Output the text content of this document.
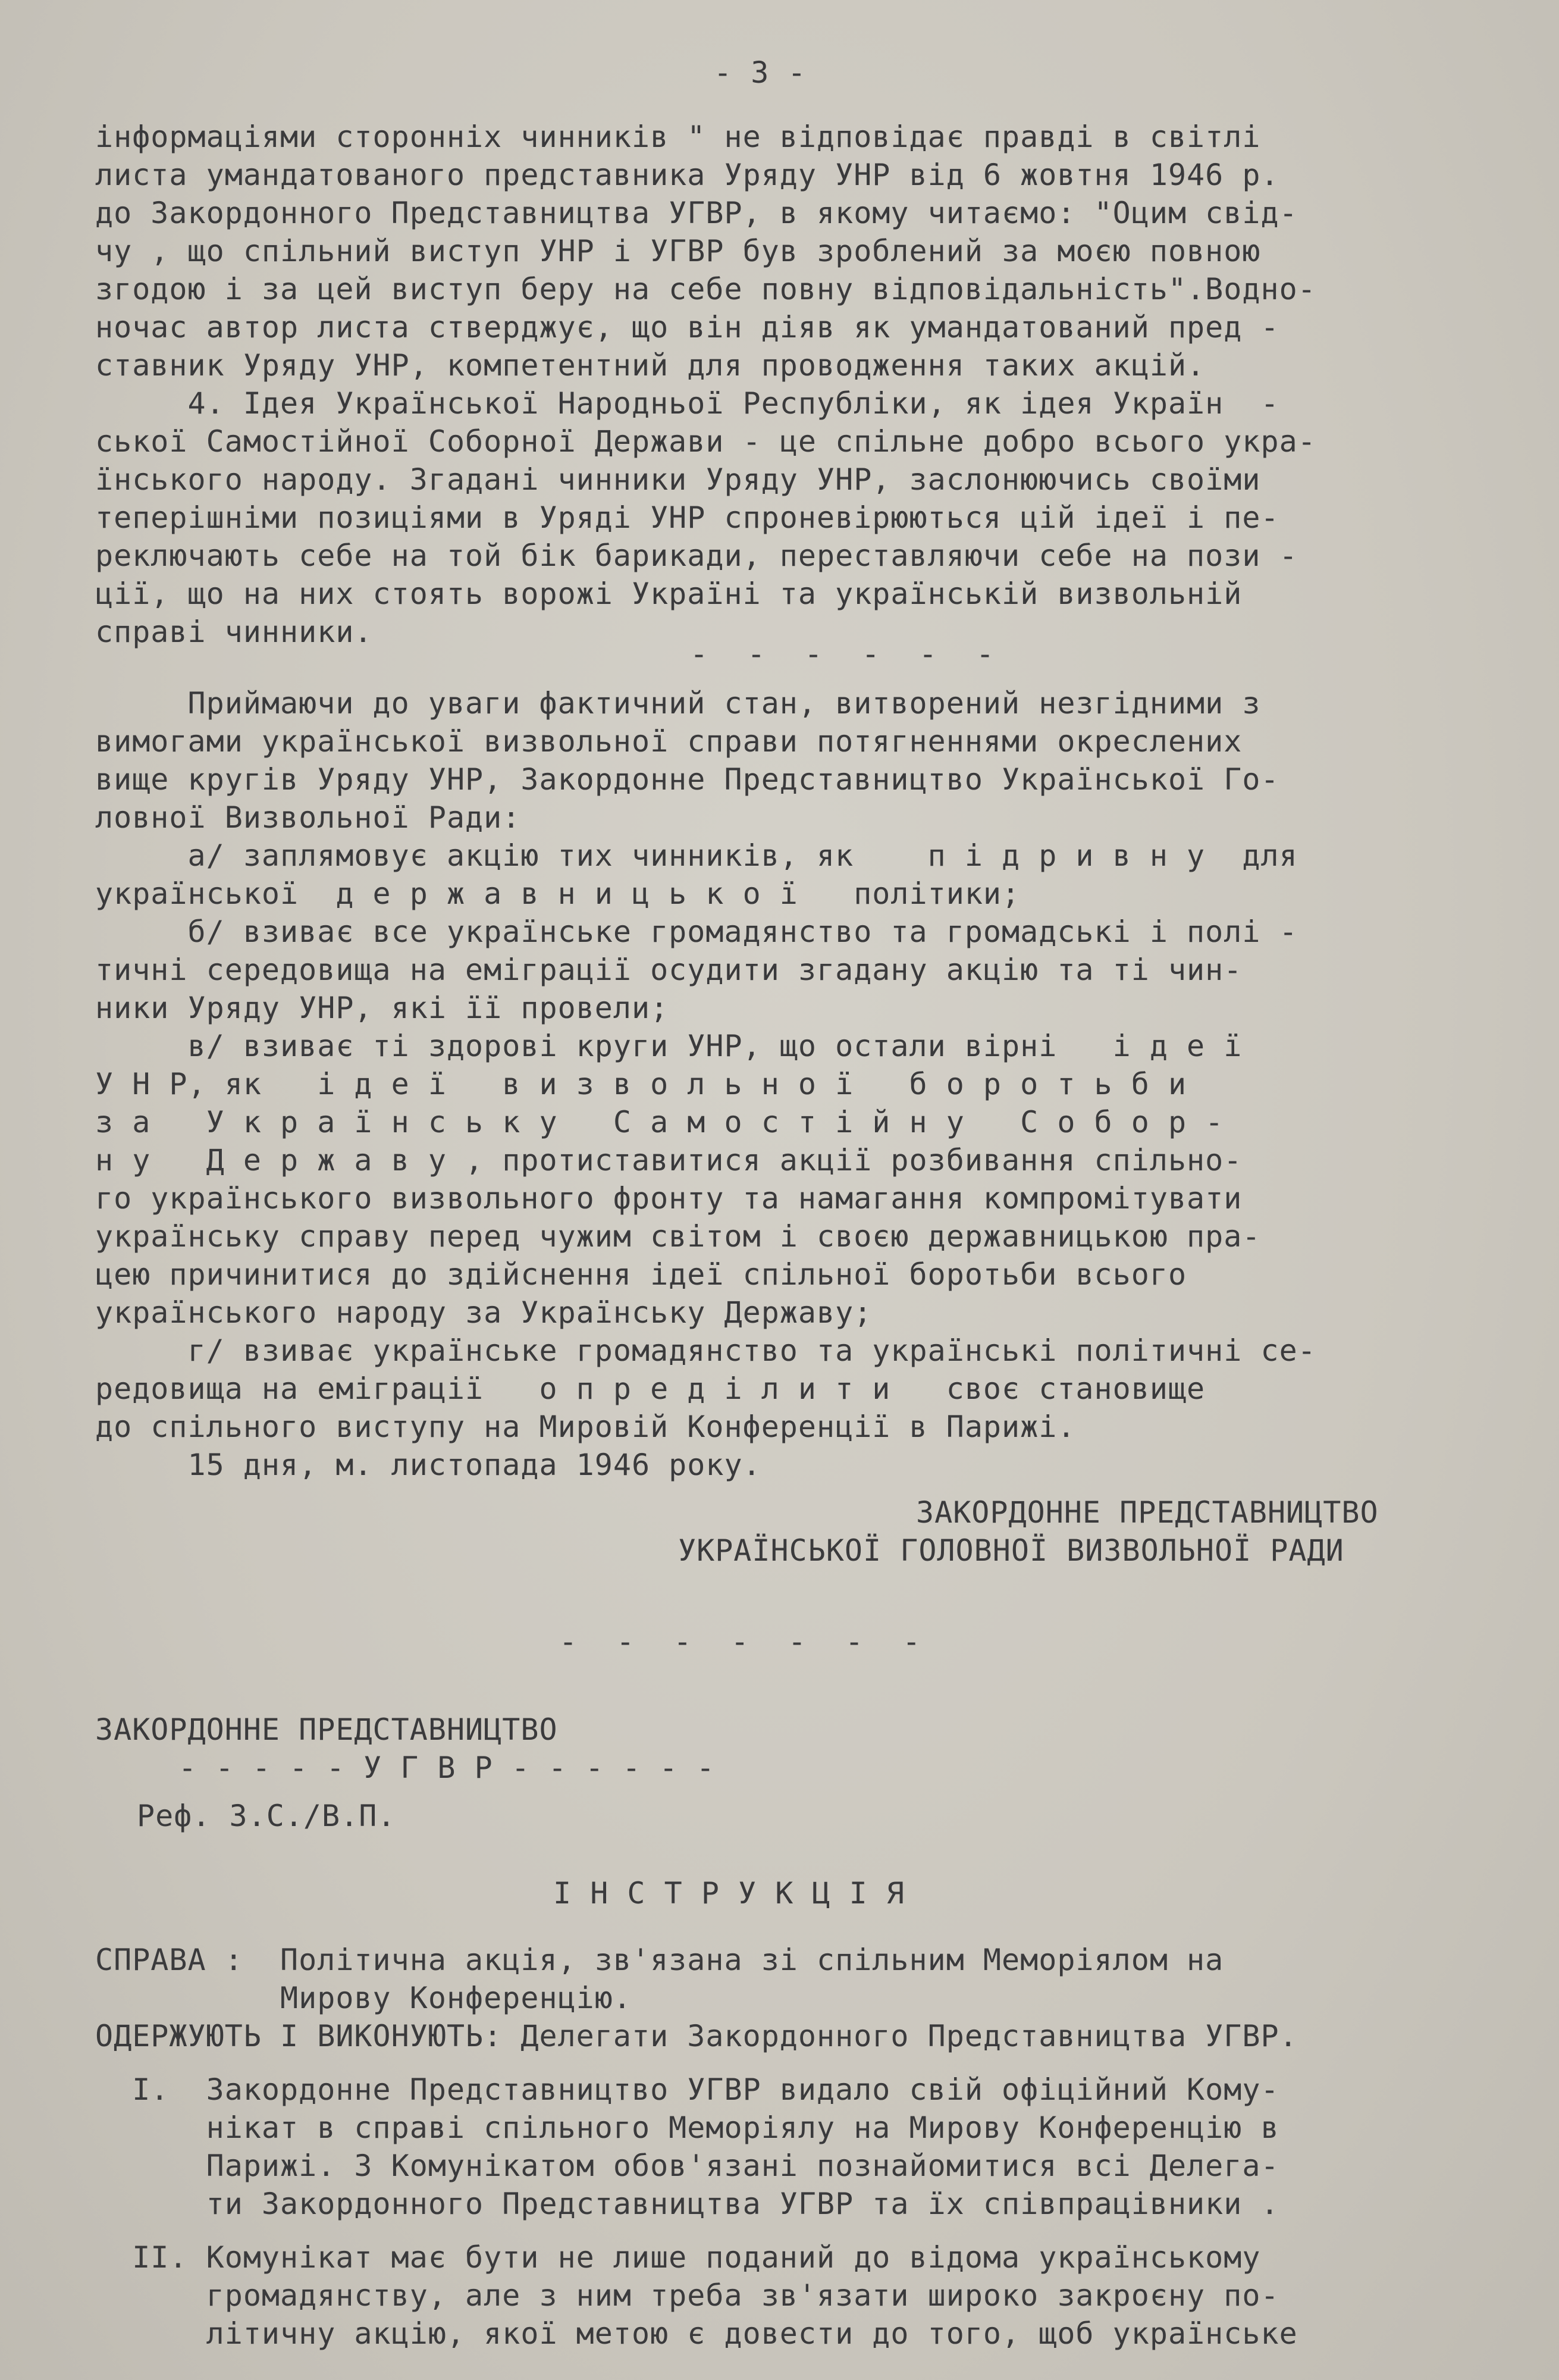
- 3 -
інформаціями сторонніх чинників " не відповідає правді в світлі
листа умандатованого представника Уряду УНР від 6 жовтня 1946 р.
до Закордонного Представництва УГВР, в якому читаємо: "Оцим свід-
чу , що спільний виступ УНР і УГВР був зроблений за моєю повною
згодою і за цей виступ беру на себе повну відповідальність".Водно-
ночас автор листа стверджує, що він діяв як умандатований пред -
ставник Уряду УНР, компетентний для проводження таких акцій.
4. Ідея Української Народньої Республіки, як ідея Україн  -
ської Самостійної Соборної Держави - це спільне добро всього укра-
їнського народу. Згадані чинники Уряду УНР, заслонюючись своїми
теперішніми позиціями в Уряді УНР спроневірюються цій ідеї і пе-
реключають себе на той бік барикади, переставляючи себе на пози -
ції, що на них стоять ворожі Україні та українській визвольній
справі чинники.
- - - - - -
Приймаючи до уваги фактичний стан, витворений незгідними з
вимогами української визвольної справи потягненнями окреслених
вище кругів Уряду УНР, Закордонне Представництво Української Го-
ловної Визвольної Ради:
а/ заплямовує акцію тих чинників, як    п і д р и в н у  для
української  д е р ж а в н и ц ь к о ї   політики;
б/ взиває все українське громадянство та громадські і полі -
тичні середовища на еміграції осудити згадану акцію та ті чин-
ники Уряду УНР, які її провели;
в/ взиває ті здорові круги УНР, що остали вірні   і д е ї
У Н Р, як   і д е ї   в и з в о л ь н о ї   б о р о т ь б и
з а   У к р а ї н с ь к у   С а м о с т і й н у   С о б о р -
н у   Д е р ж а в у , протиставитися акції розбивання спільно-
го українського визвольного фронту та намагання компромітувати
українську справу перед чужим світом і своєю державницькою пра-
цею причинитися до здійснення ідеї спільної боротьби всього
українського народу за Українську Державу;
г/ взиває українське громадянство та українські політичні се-
редовища на еміграції   о п р е д і л и т и   своє становище
до спільного виступу на Мировій Конференції в Парижі.
15 дня, м. листопада 1946 року.
ЗАКОРДОННЕ ПРЕДСТАВНИЦТВО
УКРАЇНСЬКОЇ ГОЛОВНОЇ ВИЗВОЛЬНОЇ РАДИ
- - - - - - -
ЗАКОРДОННЕ ПРЕДСТАВНИЦТВО
- - - - - У Г В Р - - - - - -
Реф. З.С./В.П.
І Н С Т Р У К Ц І Я
СПРАВА :  Політична акція, зв'язана зі спільним Меморіялом на
Мирову Конференцію.
ОДЕРЖУЮТЬ І ВИКОНУЮТЬ: Делегати Закордонного Представництва УГВР.
І.  Закордонне Представництво УГВР видало свій офіційний Кому-
нікат в справі спільного Меморіялу на Мирову Конференцію в
Парижі. З Комунікатом обов'язані познайомитися всі Делега-
ти Закордонного Представництва УГВР та їх співпрацівники .
ІІ. Комунікат має бути не лише поданий до відома українському
громадянству, але з ним треба зв'язати широко закроєну по-
літичну акцію, якої метою є довести до того, щоб українське
